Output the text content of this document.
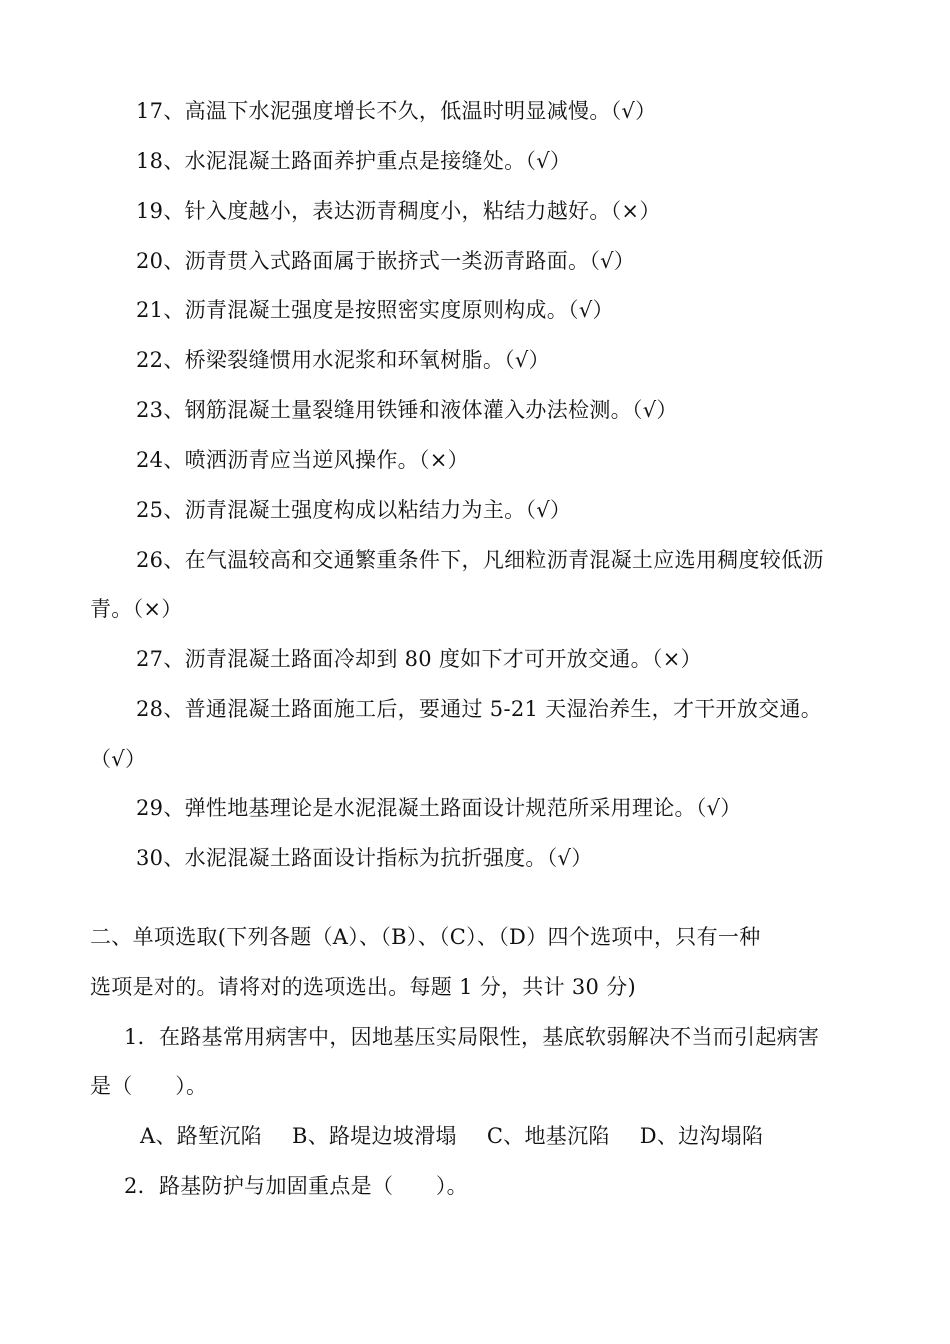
17、高温下水泥强度增长不久，低温时明显减慢。（√）
18、水泥混凝土路面养护重点是接缝处。（√）
19、针入度越小，表达沥青稠度小，粘结力越好。（×）
20、沥青贯入式路面属于嵌挤式一类沥青路面。（√）
21、沥青混凝土强度是按照密实度原则构成。（√）
22、桥梁裂缝惯用水泥浆和环氧树脂。（√）
23、钢筋混凝土量裂缝用铁锤和液体灌入办法检测。（√）
24、喷洒沥青应当逆风操作。（×）
25、沥青混凝土强度构成以粘结力为主。（√）
26、在气温较高和交通繁重条件下，凡细粒沥青混凝土应选用稠度较低沥
青。（×）
27、沥青混凝土路面冷却到 80 度如下才可开放交通。（×）
28、普通混凝土路面施工后，要通过 5-21 天湿治养生，才干开放交通。
（√）
29、弹性地基理论是水泥混凝土路面设计规范所采用理论。（√）
30、水泥混凝土路面设计指标为抗折强度。（√）
二、单项选取(下列各题（A）、（B）、（C）、（D）四个选项中，只有一种
选项是对的。请将对的选项选出。每题 1 分，共计 30 分)
1．在路基常用病害中，因地基压实局限性，基底软弱解决不当而引起病害
是（　　）。
A、路堑沉陷 B、路堤边坡滑塌 C、地基沉陷 D、边沟塌陷
2．路基防护与加固重点是（　　）。
